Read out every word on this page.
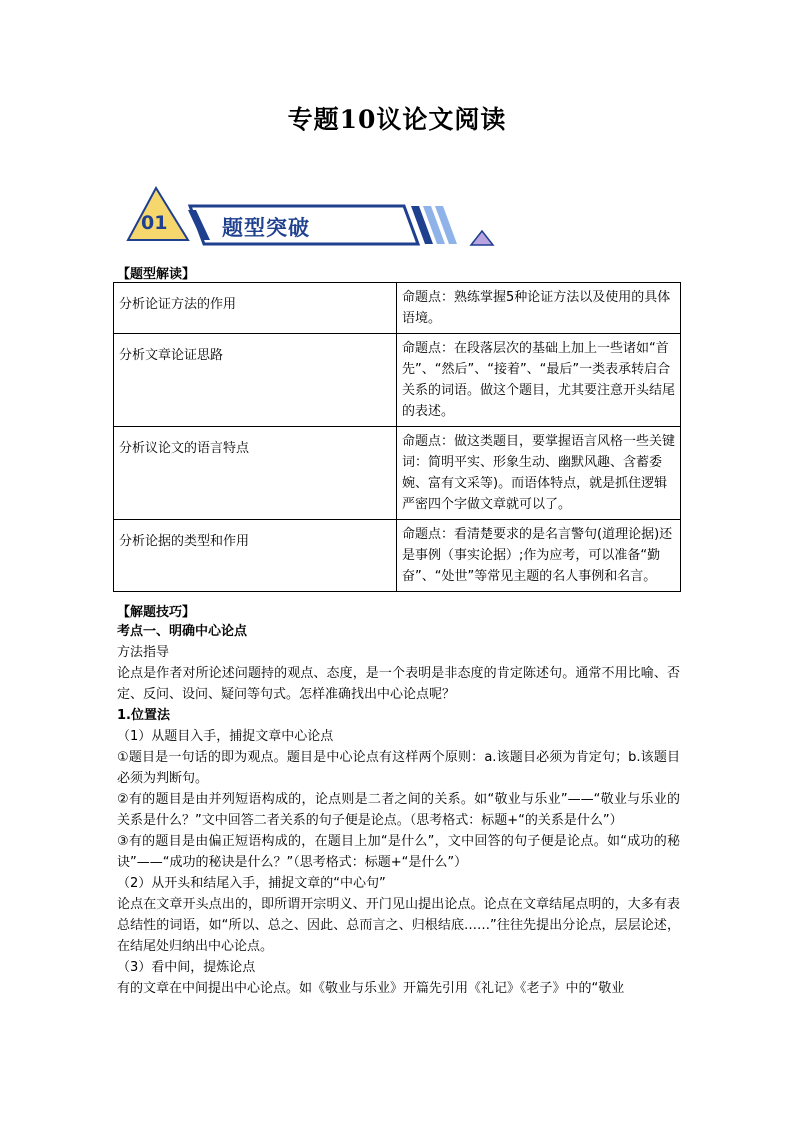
专题10议论文阅读
01	题型突破
【题型解读】
分析论证方法的作用	命题点：熟练掌握5种论证方法以及使用的具体语境。
分析文章论证思路	命题点：在段落层次的基础上加上一些诸如“首先”、“然后”、“接着”、“最后”一类表承转启合关系的词语。做这个题目，尤其要注意开头结尾的表述。
分析议论文的语言特点	命题点：做这类题目，要掌握语言风格一些关键词：简明平实、形象生动、幽默风趣、含蓄委婉、富有文采等)。而语体特点，就是抓住逻辑严密四个字做文章就可以了。
分析论据的类型和作用	命题点：看清楚要求的是名言警句(道理论据)还是事例（事实论据）;作为应考，可以准备“勤奋”、“处世”等常见主题的名人事例和名言。
【解题技巧】

考点一、明确中心论点

方法指导

论点是作者对所论述问题持的观点、态度，是一个表明是非态度的肯定陈述句。通常不用比喻、否定、反问、设问、疑问等句式。怎样准确找出中心论点呢？

1.位置法

（1）从题目入手，捕捉文章中心论点

①题目是一句话的即为观点。题目是中心论点有这样两个原则：a.该题目必须为肯定句；b.该题目必须为判断句。

②有的题目是由并列短语构成的，论点则是二者之间的关系。如“敬业与乐业”——“敬业与乐业的关系是什么？”文中回答二者关系的句子便是论点。（思考格式：标题+“的关系是什么”）

③有的题目是由偏正短语构成的，在题目上加“是什么”，文中回答的句子便是论点。如“成功的秘诀”——“成功的秘诀是什么？”（思考格式：标题+“是什么”）

（2）从开头和结尾入手，捕捉文章的“中心句”

论点在文章开头点出的，即所谓开宗明义、开门见山提出论点。论点在文章结尾点明的，大多有表总结性的词语，如“所以、总之、因此、总而言之、归根结底……”往往先提出分论点，层层论述，在结尾处归纳出中心论点。

（3）看中间，提炼论点

有的文章在中间提出中心论点。如《敬业与乐业》开篇先引用《礼记》《老子》中的“敬业
